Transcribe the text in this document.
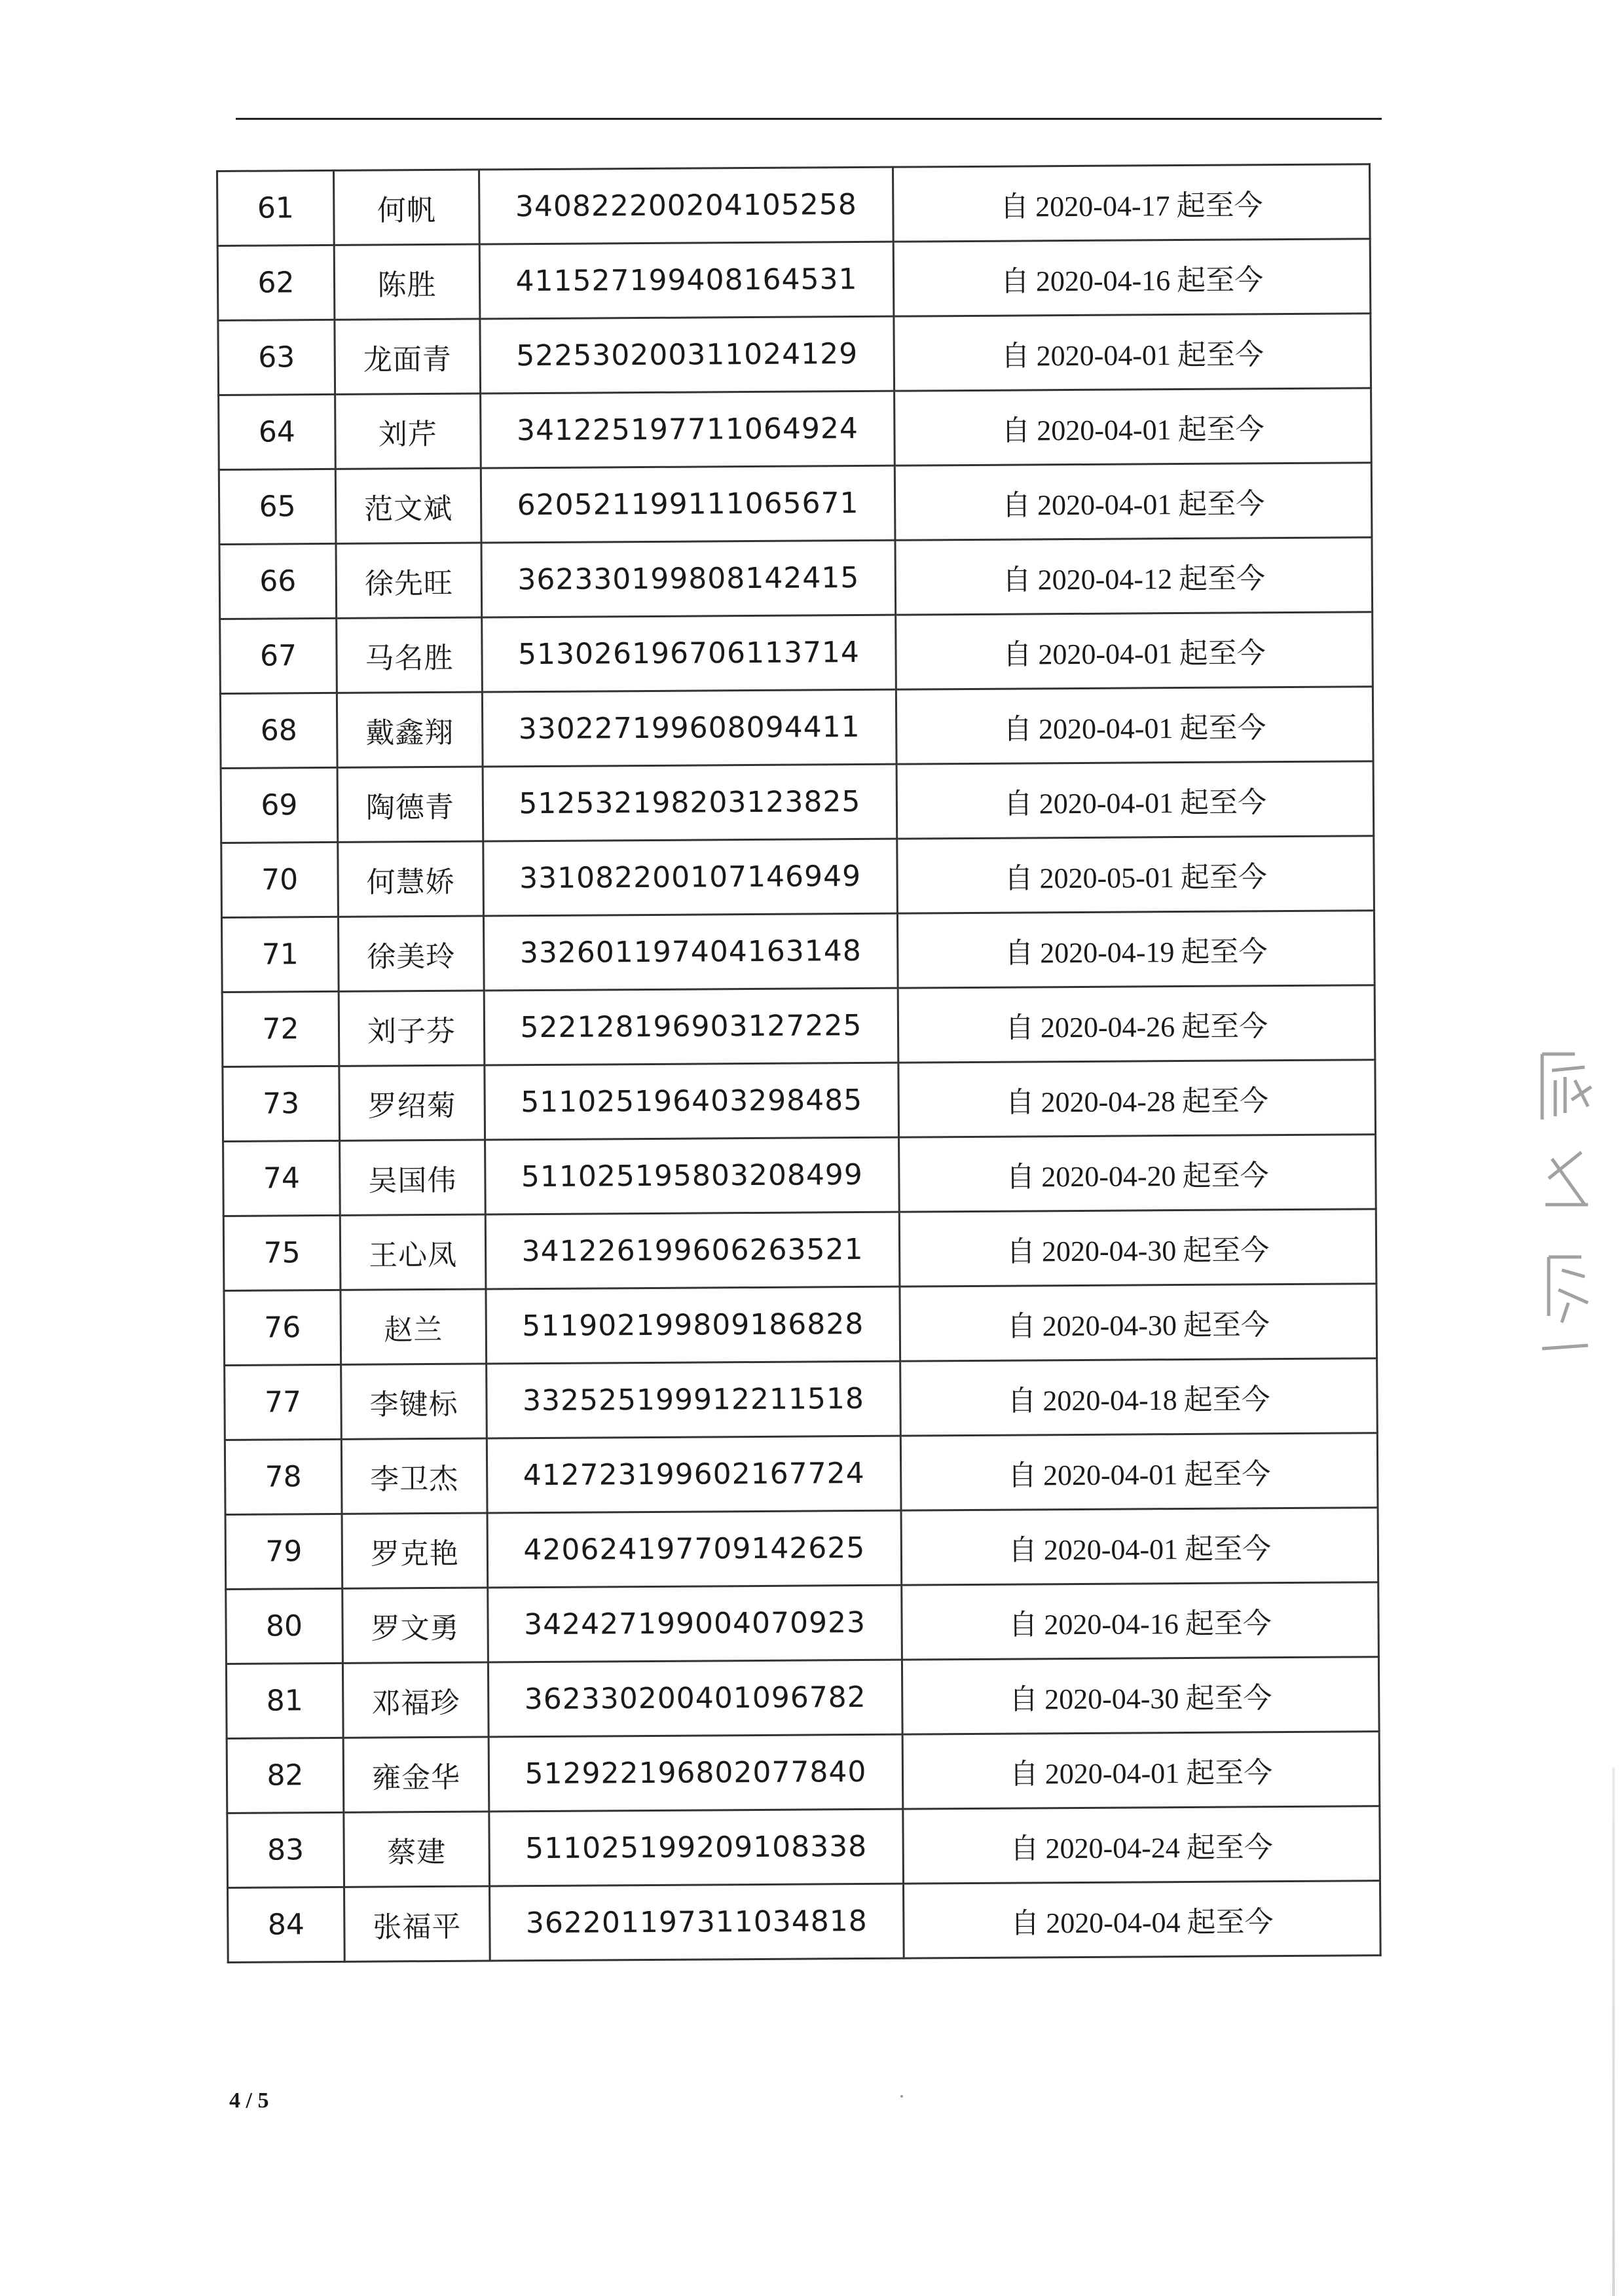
61	何帆	340822200204105258	自 2020-04-17 起至今
62	陈胜	411527199408164531	自 2020-04-16 起至今
63	龙面青	522530200311024129	自 2020-04-01 起至今
64	刘芹	341225197711064924	自 2020-04-01 起至今
65	范文斌	620521199111065671	自 2020-04-01 起至今
66	徐先旺	362330199808142415	自 2020-04-12 起至今
67	马名胜	513026196706113714	自 2020-04-01 起至今
68	戴鑫翔	330227199608094411	自 2020-04-01 起至今
69	陶德青	512532198203123825	自 2020-04-01 起至今
70	何慧娇	331082200107146949	自 2020-05-01 起至今
71	徐美玲	332601197404163148	自 2020-04-19 起至今
72	刘子芬	522128196903127225	自 2020-04-26 起至今
73	罗绍菊	511025196403298485	自 2020-04-28 起至今
74	吴国伟	511025195803208499	自 2020-04-20 起至今
75	王心凤	341226199606263521	自 2020-04-30 起至今
76	赵兰	511902199809186828	自 2020-04-30 起至今
77	李键标	332525199912211518	自 2020-04-18 起至今
78	李卫杰	412723199602167724	自 2020-04-01 起至今
79	罗克艳	420624197709142625	自 2020-04-01 起至今
80	罗文勇	342427199004070923	自 2020-04-16 起至今
81	邓福珍	362330200401096782	自 2020-04-30 起至今
82	雍金华	512922196802077840	自 2020-04-01 起至今
83	蔡建	511025199209108338	自 2020-04-24 起至今
84	张福平	362201197311034818	自 2020-04-04 起至今
4 / 5
